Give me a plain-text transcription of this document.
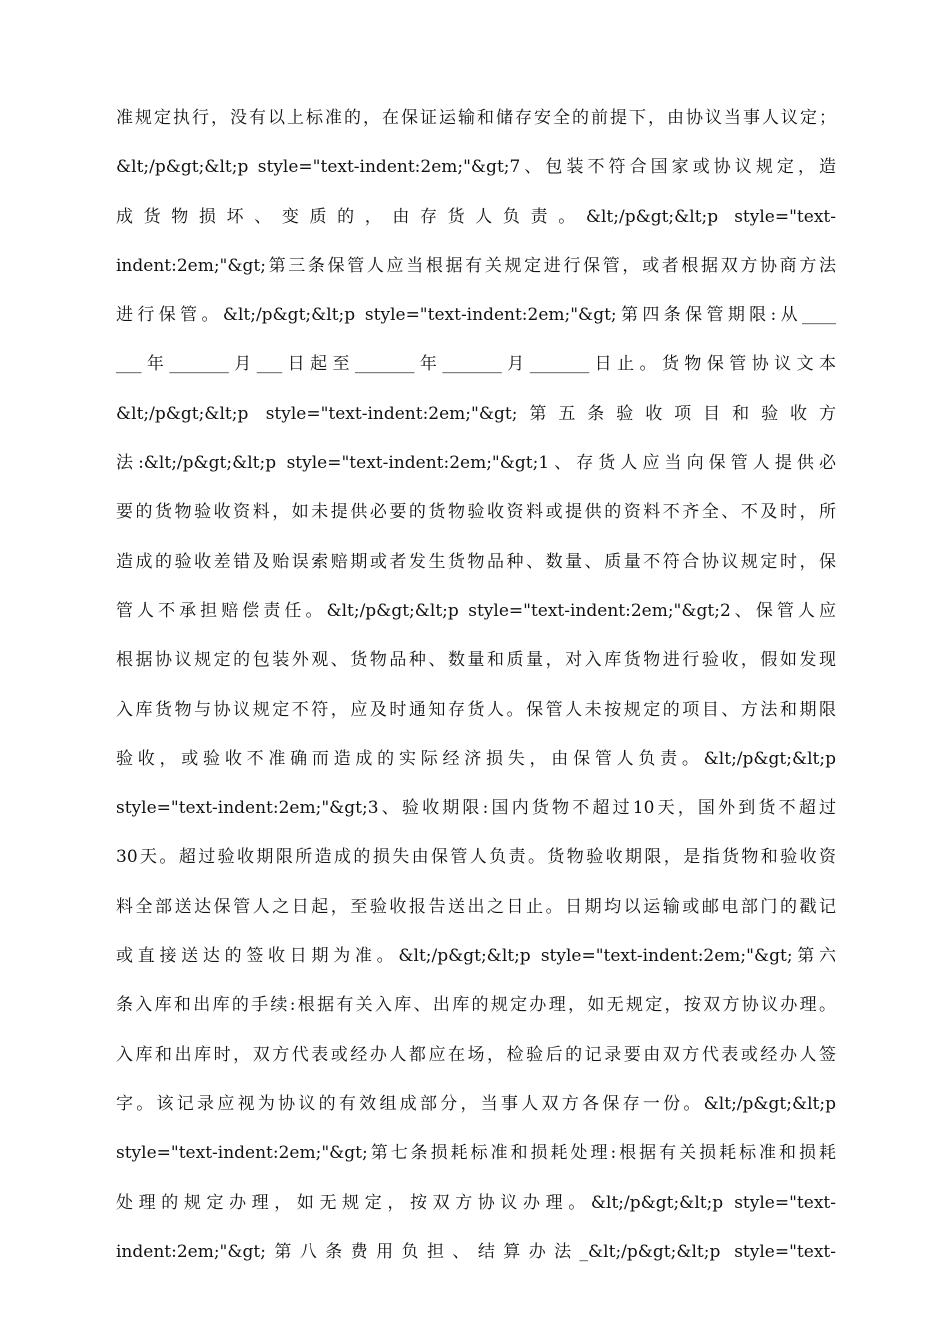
准规定执行，没有以上标准的，在保证运输和储存安全的前提下，由协议当事人议定；
&lt;/p&gt;&lt;p style="text-indent:2em;"&gt;7、包装不符合国家或协议规定，造
成货物损坏、变质的，由存货人负责。&lt;/p&gt;&lt;p style="text-
indent:2em;"&gt;第三条保管人应当根据有关规定进行保管，或者根据双方协商方法
进行保管。&lt;/p&gt;&lt;p style="text-indent:2em;"&gt;第四条保管期限:从____
___年_______月___日起至_______年_______月_______日止。货物保管协议文本
&lt;/p&gt;&lt;p style="text-indent:2em;"&gt;第五条验收项目和验收方
法:&lt;/p&gt;&lt;p style="text-indent:2em;"&gt;1、存货人应当向保管人提供必
要的货物验收资料，如未提供必要的货物验收资料或提供的资料不齐全、不及时，所
造成的验收差错及贻误索赔期或者发生货物品种、数量、质量不符合协议规定时，保
管人不承担赔偿责任。&lt;/p&gt;&lt;p style="text-indent:2em;"&gt;2、保管人应
根据协议规定的包装外观、货物品种、数量和质量，对入库货物进行验收，假如发现
入库货物与协议规定不符，应及时通知存货人。保管人未按规定的项目、方法和期限
验收，或验收不准确而造成的实际经济损失，由保管人负责。&lt;/p&gt;&lt;p
style="text-indent:2em;"&gt;3、验收期限:国内货物不超过10天，国外到货不超过
30天。超过验收期限所造成的损失由保管人负责。货物验收期限，是指货物和验收资
料全部送达保管人之日起，至验收报告送出之日止。日期均以运输或邮电部门的戳记
或直接送达的签收日期为准。&lt;/p&gt;&lt;p style="text-indent:2em;"&gt;第六
条入库和出库的手续:根据有关入库、出库的规定办理，如无规定，按双方协议办理。
入库和出库时，双方代表或经办人都应在场，检验后的记录要由双方代表或经办人签
字。该记录应视为协议的有效组成部分，当事人双方各保存一份。&lt;/p&gt;&lt;p
style="text-indent:2em;"&gt;第七条损耗标准和损耗处理:根据有关损耗标准和损耗
处理的规定办理，如无规定，按双方协议办理。&lt;/p&gt;&lt;p style="text-
indent:2em;"&gt;第八条费用负担、结算办法_&lt;/p&gt;&lt;p style="text-
